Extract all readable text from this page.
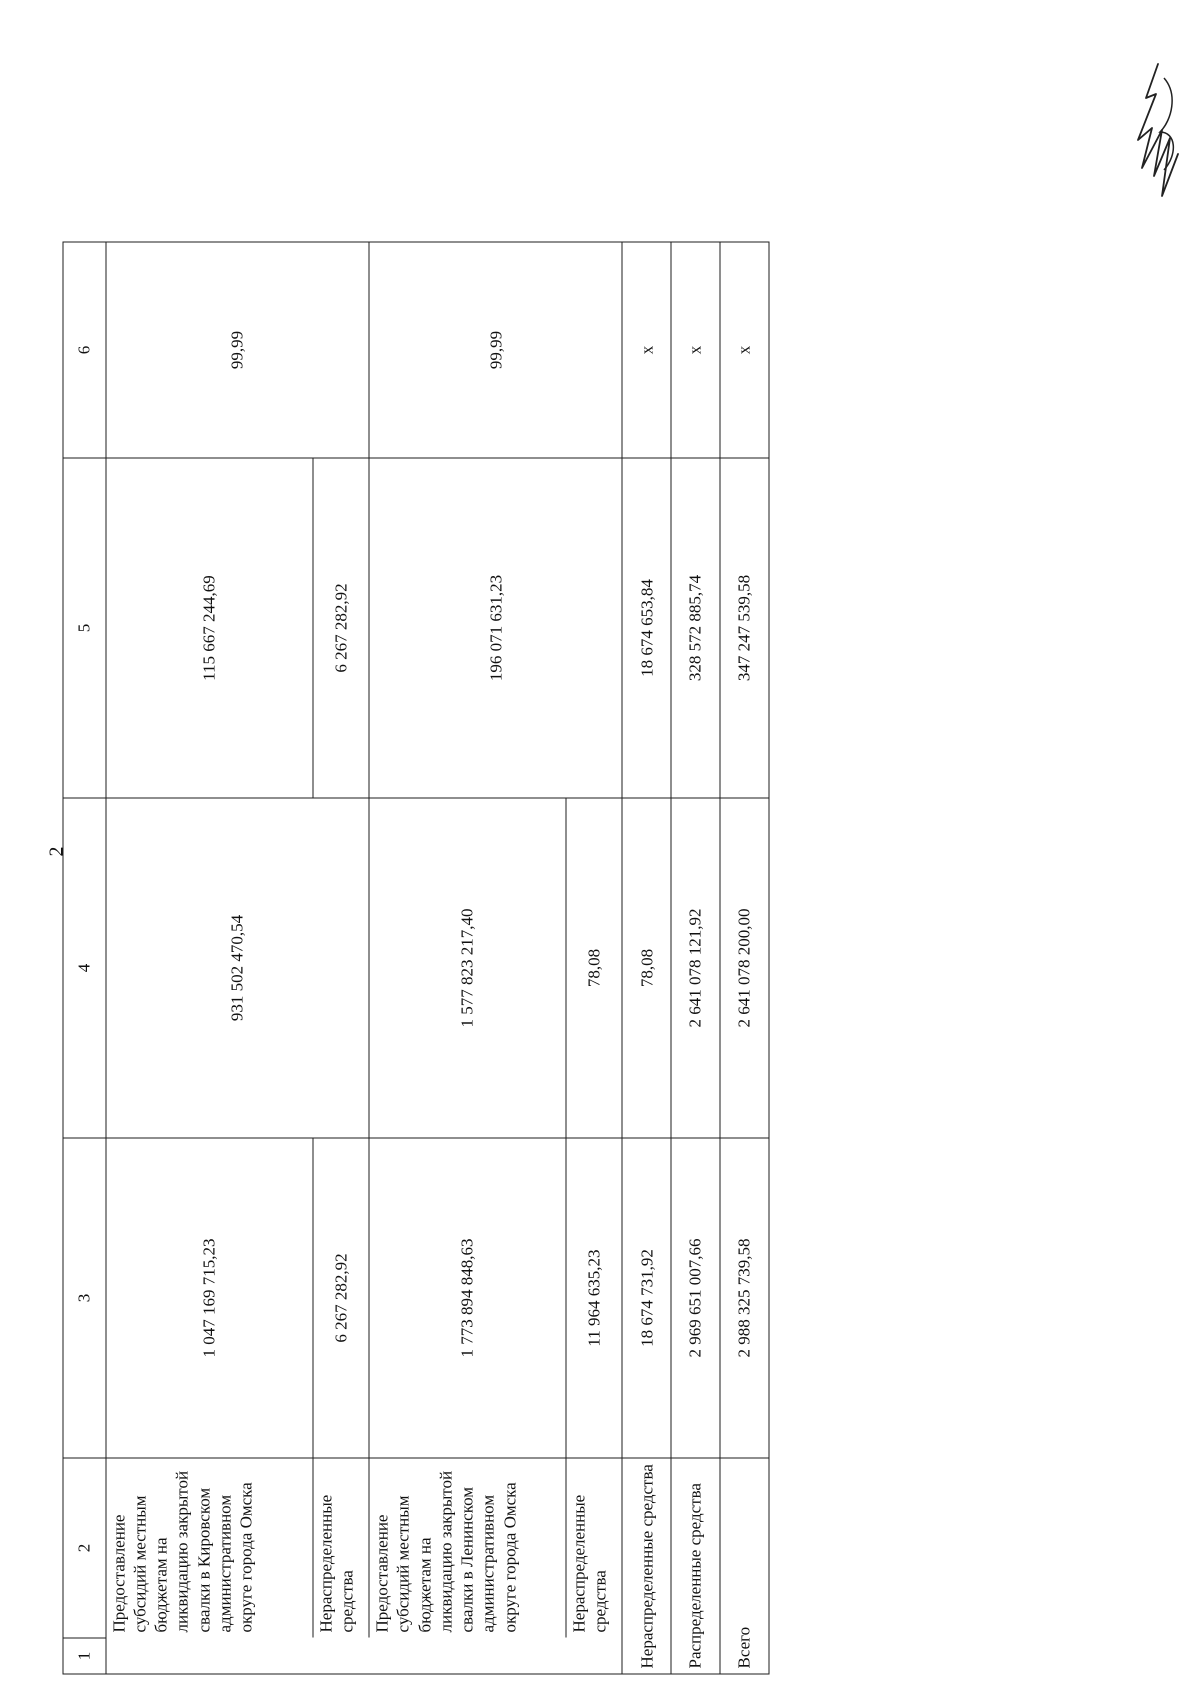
2
1	2	3	4	5	6
	Предоставление субсидий местным бюджетам на ликвидацию закрытой свалки в Кировском административном округе города Омска	1 047 169 715,23	931 502 470,54	115 667 244,69	99,99
	Нераспределенные средства	6 267 282,92		6 267 282,92	
	Предоставление субсидий местным бюджетам на ликвидацию закрытой свалки в Ленинском административном округе города Омска	1 773 894 848,63	1 577 823 217,40	196 071 631,23	99,99
	Нераспределенные средства	11 964 635,23	78,08		
Нераспределенные средства		18 674 731,92	78,08	18 674 653,84	x
Распределенные средства		2 969 651 007,66	2 641 078 121,92	328 572 885,74	x
Всего		2 988 325 739,58	2 641 078 200,00	347 247 539,58	x
